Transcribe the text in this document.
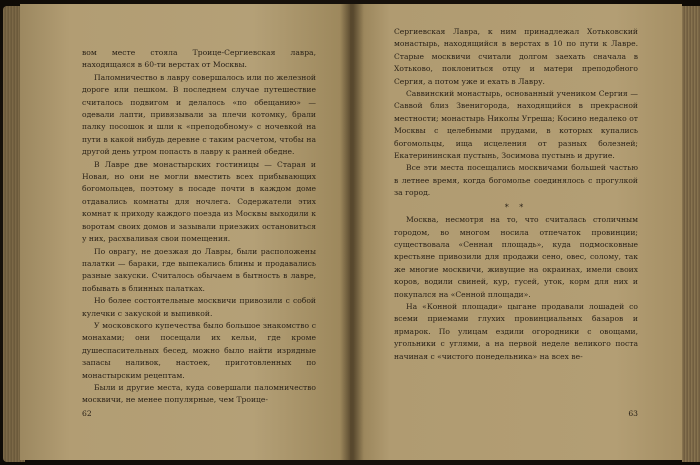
вом месте стояла Троице-Сергиевская лавра, находящаяся в 60-ти верстах от Москвы.

Паломничество в лавру совершалось или по железной дороге или пешком. В последнем случае путешествие считалось подвигом и делалось «по обещанию» — одевали лапти, привязывали за плечи котомку, брали палку посошок и шли к «преподобному» с ночевкой на пути в какой нибудь деревне с таким расчетом, чтобы на другой день утром попасть в лавру к ранней обедне.

В Лавре две монастырских гостиницы — Старая и Новая, но они не могли вместить всех прибывающих богомольцев, поэтому в посаде почти в каждом доме отдавались комнаты для ночлега. Содержатели этих комнат к приходу каждого поезда из Москвы выходили к воротам своих домов и зазывали приезжих остановиться у них, расхваливая свои помещения.

По оврагу, не доезжая до Лавры, были расположены палатки — бараки, где выпекались блины и продавались разные закуски. Считалось обычаем в бытность в лавре, побывать в блинных палатках.

Но более состоятельные москвичи привозили с собой кулечки с закуской и выпивкой.

У московского купечества было большое знакомство с монахами; они посещали их кельи, где кроме душеспасительных бесед, можно было найти изрядные запасы наливок, настоек, приготовленных по монастырским рецептам.

Были и другие места, куда совершали паломничество москвичи, не менее популярные, чем Троице-

62

Сергиевская Лавра, к ним принадлежал Хотьковский монастырь, находящийся в верстах в 10 по пути к Лавре. Старые москвичи считали долгом заехать сначала в Хотьково, поклониться отцу и матери преподобного Сергия, а потом уже и ехать в Лавру.

Саввинский монастырь, основанный учеником Сергия — Саввой близ Звенигорода, находящийся в прекрасной местности; монастырь Николы Угреша; Косино недалеко от Москвы с целебными прудами, в которых купались богомольцы, ища исцеления от разных болезней; Екатерининская пустынь, Зосимова пустынь и другие.

Все эти места посещались москвичами большей частью в летнее время, когда богомолье соединялось с прогулкой за город.

* *

Москва, несмотря на то, что считалась столичным городом, во многом носила отпечаток провинции; существовала «Сенная площадь», куда подмосковные крестьяне привозили для продажи сено, овес, солому, так же многие москвичи, живущие на окраинах, имели своих коров, водили свиней, кур, гусей, уток, корм для них и покупался на «Сенной площади».

На «Конной площади» цыгане продавали лошадей со всеми приемами глухих провинциальных базаров и ярмарок. По улицам ездили огородники с овощами, угольники с углями, а на первой неделе великого поста начиная с «чистого понедельника» на всех ве-

63
